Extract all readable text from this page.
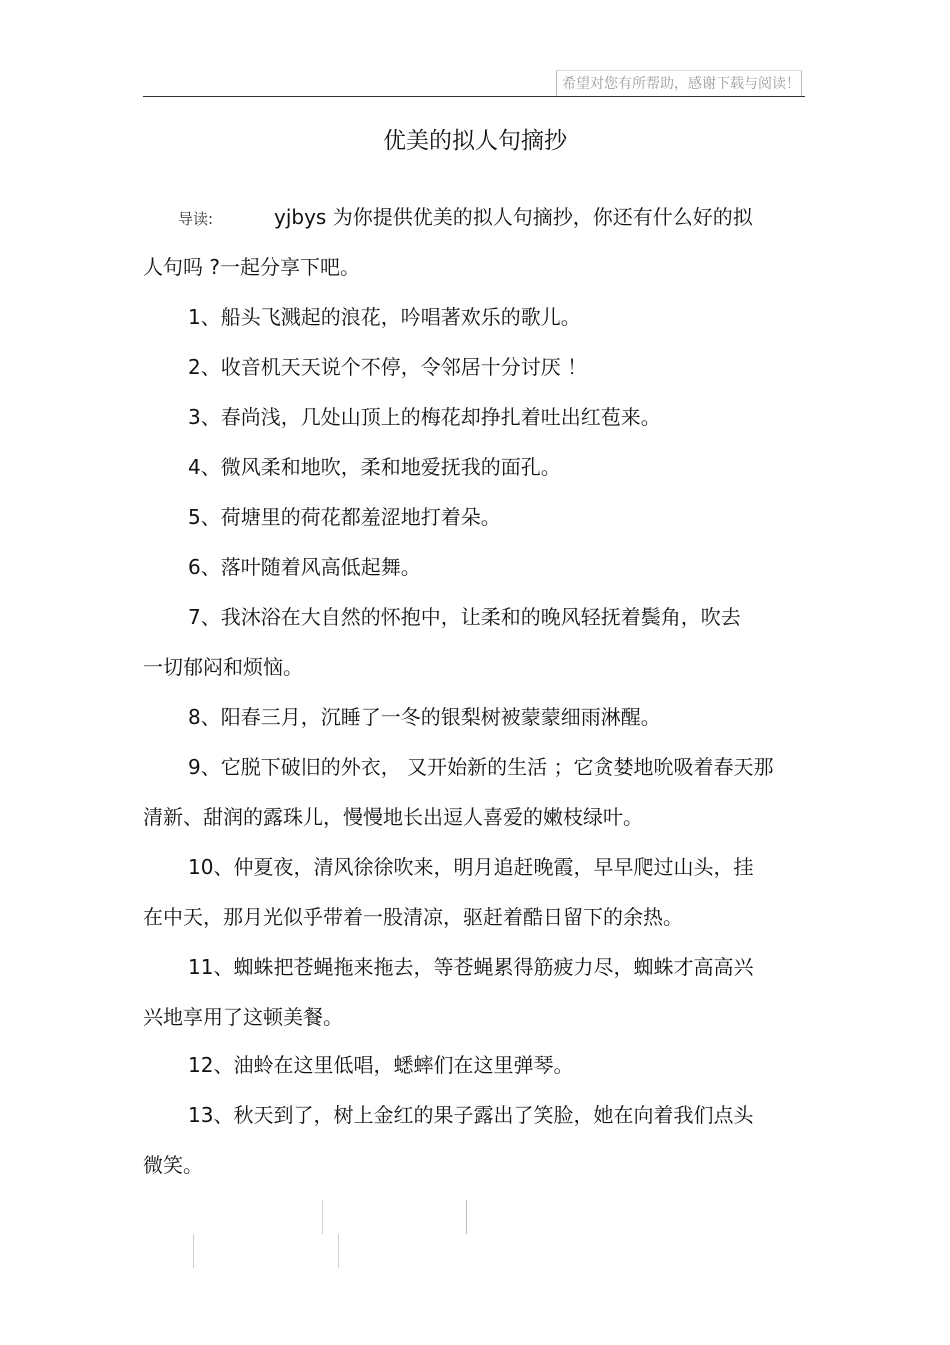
希望对您有所帮助，感谢下载与阅读！
优美的拟人句摘抄
导读:	yjbys 为你提供优美的拟人句摘抄，你还有什么好的拟
人句吗 ?一起分享下吧。
1、船头飞溅起的浪花，吟唱著欢乐的歌儿。
2、收音机天天说个不停，令邻居十分讨厌 ！
3、春尚浅，几处山顶上的梅花却挣扎着吐出红苞来。
4、微风柔和地吹，柔和地爱抚我的面孔。
5、荷塘里的荷花都羞涩地打着朵。
6、落叶随着风高低起舞。
7、我沐浴在大自然的怀抱中，让柔和的晚风轻抚着鬓角，吹去
一切郁闷和烦恼。
8、阳春三月，沉睡了一冬的银梨树被蒙蒙细雨淋醒。
9、它脱下破旧的外衣， 又开始新的生活 ；它贪婪地吮吸着春天那
清新、甜润的露珠儿，慢慢地长出逗人喜爱的嫩枝绿叶。
10、仲夏夜，清风徐徐吹来，明月追赶晚霞，早早爬过山头，挂
在中天，那月光似乎带着一股清凉，驱赶着酷日留下的余热。
11、蜘蛛把苍蝇拖来拖去，等苍蝇累得筋疲力尽，蜘蛛才高高兴
兴地享用了这顿美餐。
12、油蛉在这里低唱，蟋蟀们在这里弹琴。
13、秋天到了，树上金红的果子露出了笑脸，她在向着我们点头
微笑。
